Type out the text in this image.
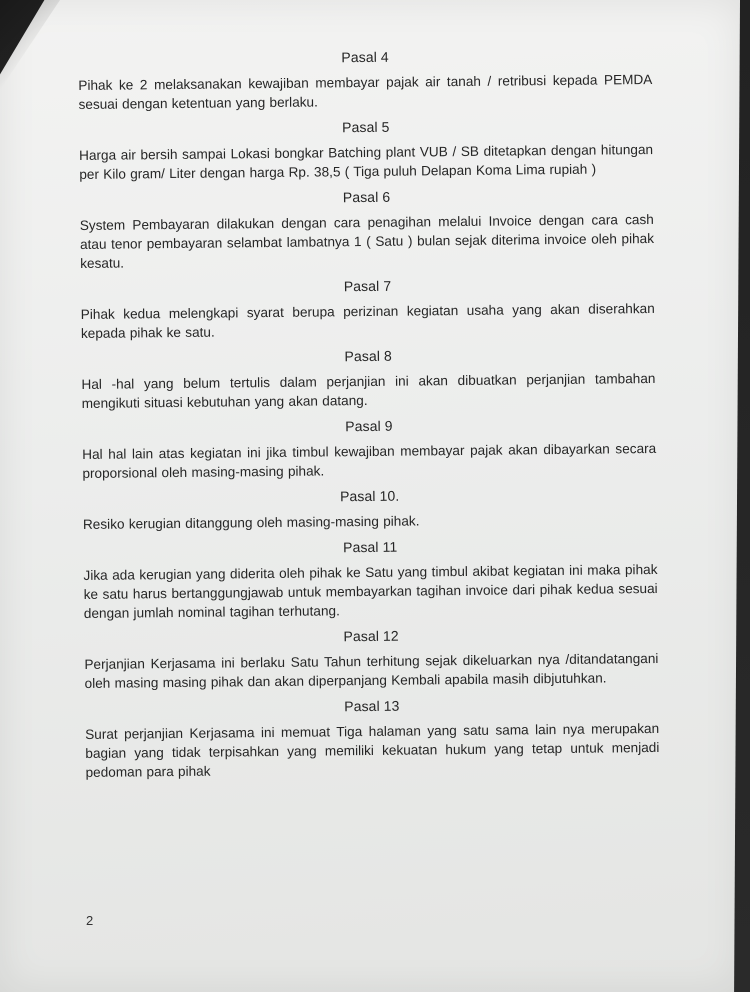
Pasal 4
Pihak ke 2 melaksanakan kewajiban membayar pajak air tanah / retribusi kepada PEMDA sesuai dengan ketentuan yang berlaku.
Pasal 5
Harga air bersih sampai Lokasi bongkar Batching plant VUB / SB ditetapkan dengan hitungan per Kilo gram/ Liter dengan harga Rp. 38,5 ( Tiga puluh Delapan Koma Lima rupiah )
Pasal 6
System Pembayaran dilakukan dengan cara penagihan melalui Invoice dengan cara cash atau tenor pembayaran selambat lambatnya 1 ( Satu ) bulan sejak diterima invoice oleh pihak kesatu.
Pasal 7
Pihak kedua melengkapi syarat berupa perizinan kegiatan usaha yang akan diserahkan kepada pihak ke satu.
Pasal 8
Hal -hal yang belum tertulis dalam perjanjian ini akan dibuatkan perjanjian tambahan mengikuti situasi kebutuhan yang akan datang.
Pasal 9
Hal hal lain atas kegiatan ini jika timbul kewajiban membayar pajak akan dibayarkan secara proporsional oleh masing-masing pihak.
Pasal 10.
Resiko kerugian ditanggung oleh masing-masing pihak.
Pasal 11
Jika ada kerugian yang diderita oleh pihak ke Satu yang timbul akibat kegiatan ini maka pihak ke satu harus bertanggungjawab untuk membayarkan tagihan invoice dari pihak kedua sesuai dengan jumlah nominal tagihan terhutang.
Pasal 12
Perjanjian Kerjasama ini berlaku Satu Tahun terhitung sejak dikeluarkan nya /ditandatangani oleh masing masing pihak dan akan diperpanjang Kembali apabila masih dibjutuhkan.
Pasal 13
Surat perjanjian Kerjasama ini memuat Tiga halaman yang satu sama lain nya merupakan bagian yang tidak terpisahkan yang memiliki kekuatan hukum yang tetap untuk menjadi pedoman para pihak
2
